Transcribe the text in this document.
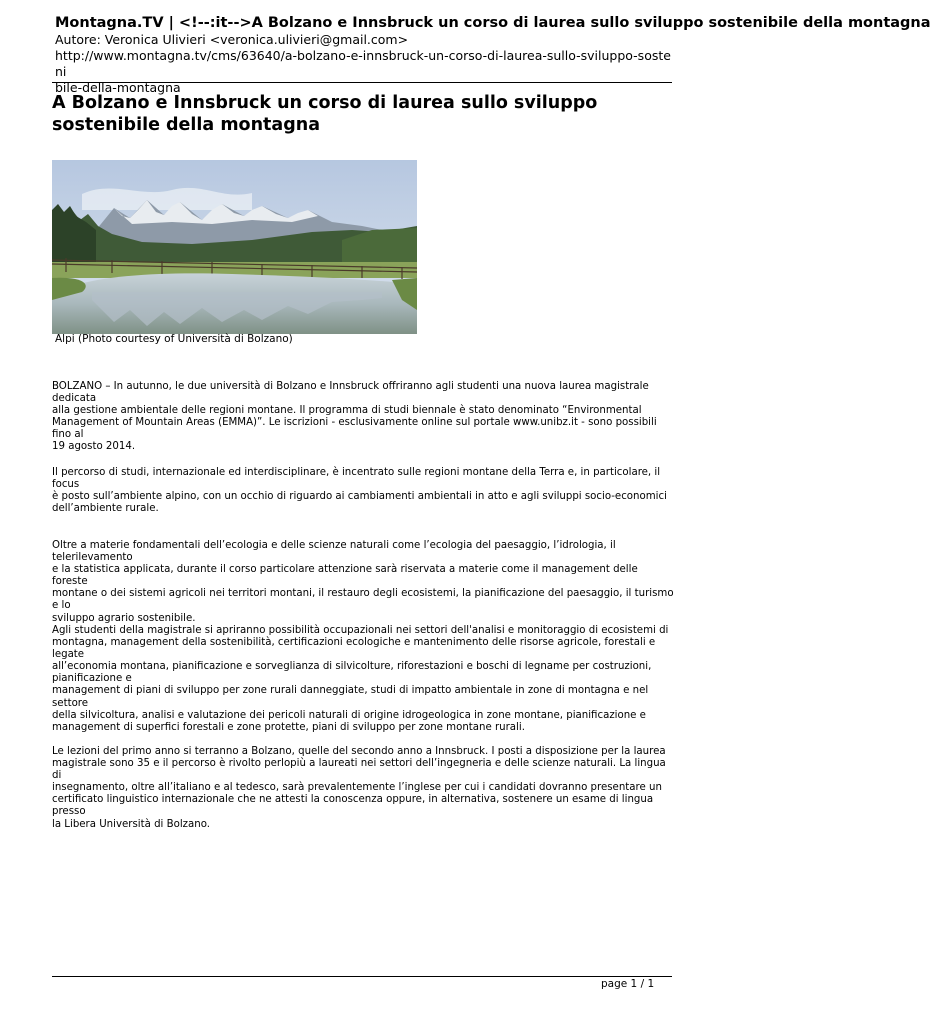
Montagna.TV | <!--:it-->A Bolzano e Innsbruck un corso di laurea sullo sviluppo sostenibile della montagna
Autore: Veronica Ulivieri <veronica.ulivieri@gmail.com>
http://www.montagna.tv/cms/63640/a-bolzano-e-innsbruck-un-corso-di-laurea-sullo-sviluppo-sosteni
bile-della-montagna
A Bolzano e Innsbruck un corso di laurea sullo sviluppo sostenibile della montagna
Alpi (Photo courtesy of Università di Bolzano)

BOLZANO – In autunno, le due università di Bolzano e Innsbruck offriranno agli studenti una nuova laurea magistrale dedicata
alla gestione ambientale delle regioni montane. Il programma di studi biennale è stato denominato “Environmental
Management of Mountain Areas (EMMA)”. Le iscrizioni - esclusivamente online sul portale www.unibz.it - sono possibili fino al
19 agosto 2014.

Il percorso di studi, internazionale ed interdisciplinare, è incentrato sulle regioni montane della Terra e, in particolare, il focus
è posto sull’ambiente alpino, con un occhio di riguardo ai cambiamenti ambientali in atto e agli sviluppi socio-economici
dell’ambiente rurale.

Oltre a materie fondamentali dell’ecologia e delle scienze naturali come l’ecologia del paesaggio, l’idrologia, il telerilevamento
e la statistica applicata, durante il corso particolare attenzione sarà riservata a materie come il management delle foreste
montane o dei sistemi agricoli nei territori montani, il restauro degli ecosistemi, la pianificazione del paesaggio, il turismo e lo
sviluppo agrario sostenibile.

Agli studenti della magistrale si apriranno possibilità occupazionali nei settori dell'analisi e monitoraggio di ecosistemi di
montagna, management della sostenibilità, certificazioni ecologiche e mantenimento delle risorse agricole, forestali e legate
all’economia montana, pianificazione e sorveglianza di silvicolture, riforestazioni e boschi di legname per costruzioni,
pianificazione e
management di piani di sviluppo per zone rurali danneggiate, studi di impatto ambientale in zone di montagna e nel settore
della silvicoltura, analisi e valutazione dei pericoli naturali di origine idrogeologica in zone montane, pianificazione e
management di superfici forestali e zone protette, piani di sviluppo per zone montane rurali.

Le lezioni del primo anno si terranno a Bolzano, quelle del secondo anno a Innsbruck. I posti a disposizione per la laurea
magistrale sono 35 e il percorso è rivolto perlopiù a laureati nei settori dell’ingegneria e delle scienze naturali. La lingua di
insegnamento, oltre all’italiano e al tedesco, sarà prevalentemente l’inglese per cui i candidati dovranno presentare un
certificato linguistico internazionale che ne attesti la conoscenza oppure, in alternativa, sostenere un esame di lingua presso
la Libera Università di Bolzano.

page 1 / 1
